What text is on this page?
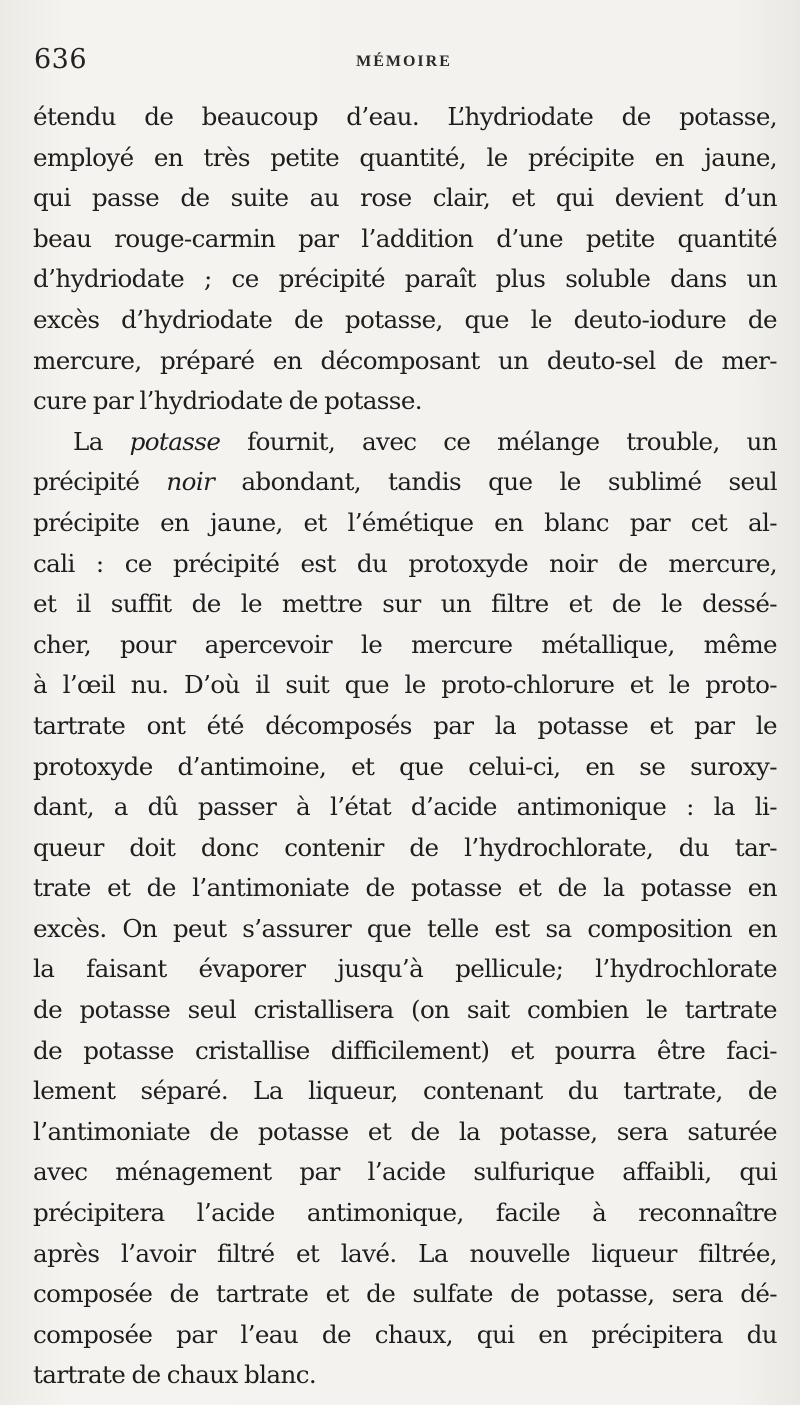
636	MÉMOIRE
étendu de beaucoup d’eau. L’hydriodate de potasse,
employé en très petite quantité, le précipite en jaune,
qui passe de suite au rose clair, et qui devient d’un
beau rouge-carmin par l’addition d’une petite quantité
d’hydriodate ; ce précipité paraît plus soluble dans un
excès d’hydriodate de potasse, que le deuto-iodure de
mercure, préparé en décomposant un deuto-sel de mer-
cure par l’hydriodate de potasse.
La potasse fournit, avec ce mélange trouble, un
précipité noir abondant, tandis que le sublimé seul
précipite en jaune, et l’émétique en blanc par cet al-
cali : ce précipité est du protoxyde noir de mercure,
et il suffit de le mettre sur un filtre et de le dessé-
cher, pour apercevoir le mercure métallique, même
à l’œil nu. D’où il suit que le proto-chlorure et le proto-
tartrate ont été décomposés par la potasse et par le
protoxyde d’antimoine, et que celui-ci, en se suroxy-
dant, a dû passer à l’état d’acide antimonique : la li-
queur doit donc contenir de l’hydrochlorate, du tar-
trate et de l’antimoniate de potasse et de la potasse en
excès. On peut s’assurer que telle est sa composition en
la faisant évaporer jusqu’à pellicule; l’hydrochlorate
de potasse seul cristallisera (on sait combien le tartrate
de potasse cristallise difficilement) et pourra être faci-
lement séparé. La liqueur, contenant du tartrate, de
l’antimoniate de potasse et de la potasse, sera saturée
avec ménagement par l’acide sulfurique affaibli, qui
précipitera l’acide antimonique, facile à reconnaître
après l’avoir filtré et lavé. La nouvelle liqueur filtrée,
composée de tartrate et de sulfate de potasse, sera dé-
composée par l’eau de chaux, qui en précipitera du
tartrate de chaux blanc.
